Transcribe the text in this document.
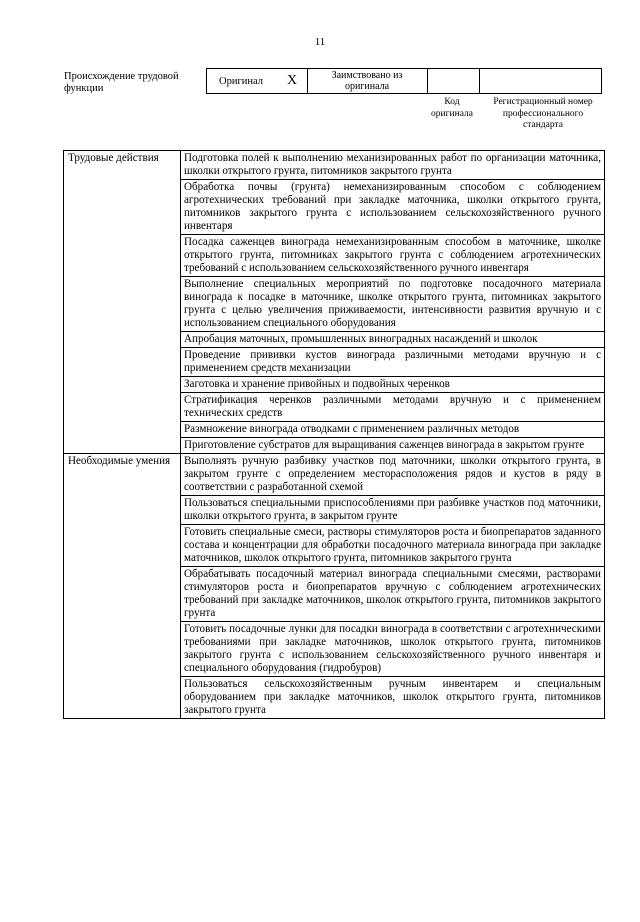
11
Происхождение трудовой функции
Оригинал X	Заимствовано из оригинала
Код оригинала
Регистрационный номер профессионального стандарта
Трудовые действия	Подготовка полей к выполнению механизированных работ по организации маточника, школки открытого грунта, питомников закрытого грунта
	Обработка почвы (грунта) немеханизированным способом с соблюдением агротехнических требований при закладке маточника, школки открытого грунта, питомников закрытого грунта с использованием сельскохозяйственного ручного инвентаря
	Посадка саженцев винограда немеханизированным способом в маточнике, школке открытого грунта, питомниках закрытого грунта с соблюдением агротехнических требований с использованием сельскохозяйственного ручного инвентаря
	Выполнение специальных мероприятий по подготовке посадочного материала винограда к посадке в маточнике, школке открытого грунта, питомниках закрытого грунта с целью увеличения приживаемости, интенсивности развития вручную и с использованием специального оборудования
	Апробация маточных, промышленных виноградных насаждений и школок
	Проведение прививки кустов винограда различными методами вручную и с применением средств механизации
	Заготовка и хранение привойных и подвойных черенков
	Стратификация черенков различными методами вручную и с применением технических средств
	Размножение винограда отводками с применением различных методов
	Приготовление субстратов для выращивания саженцев винограда в закрытом грунте
Необходимые умения	Выполнять ручную разбивку участков под маточники, школки открытого грунта, в закрытом грунте с определением месторасположения рядов и кустов в ряду в соответствии с разработанной схемой
	Пользоваться специальными приспособлениями при разбивке участков под маточники, школки открытого грунта, в закрытом грунте
	Готовить специальные смеси, растворы стимуляторов роста и биопрепаратов заданного состава и концентрации для обработки посадочного материала винограда при закладке маточников, школок открытого грунта, питомников закрытого грунта
	Обрабатывать посадочный материал винограда специальными смесями, растворами стимуляторов роста и биопрепаратов вручную с соблюдением агротехнических требований при закладке маточников, школок открытого грунта, питомников закрытого грунта
	Готовить посадочные лунки для посадки винограда в соответствии с агротехническими требованиями при закладке маточников, школок открытого грунта, питомников закрытого грунта с использованием сельскохозяйственного ручного инвентаря и специального оборудования (гидробуров)
	Пользоваться сельскохозяйственным ручным инвентарем и специальным оборудованием при закладке маточников, школок открытого грунта, питомников закрытого грунта
